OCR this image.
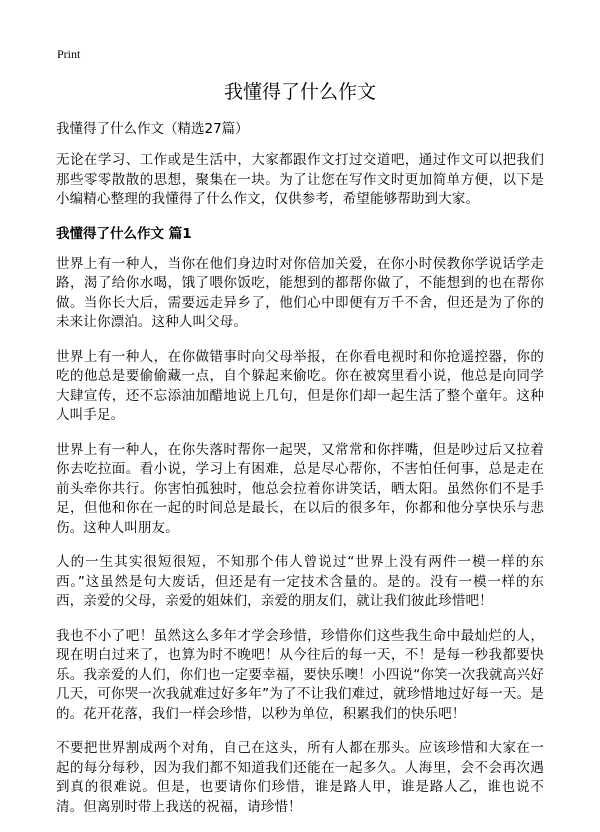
Print

我懂得了什么作文

我懂得了什么作文（精选27篇）

无论在学习、工作或是生活中，大家都跟作文打过交道吧，通过作文可以把我们那些零零散散的思想，聚集在一块。为了让您在写作文时更加简单方便，以下是小编精心整理的我懂得了什么作文，仅供参考，希望能够帮助到大家。

我懂得了什么作文 篇1

世界上有一种人，当你在他们身边时对你倍加关爱，在你小时侯教你学说话学走路，渴了给你水喝，饿了喂你饭吃，能想到的都帮你做了，不能想到的也在帮你做。当你长大后，需要远走异乡了，他们心中即便有万千不舍，但还是为了你的未来让你漂泊。这种人叫父母。

世界上有一种人，在你做错事时向父母举报，在你看电视时和你抢遥控器，你的吃的他总是要偷偷藏一点，自个躲起来偷吃。你在被窝里看小说，他总是向同学大肆宣传，还不忘添油加醋地说上几句，但是你们却一起生活了整个童年。这种人叫手足。

世界上有一种人，在你失落时帮你一起哭，又常常和你拌嘴，但是吵过后又拉着你去吃拉面。看小说，学习上有困难，总是尽心帮你，不害怕任何事，总是走在前头牵你共行。你害怕孤独时，他总会拉着你讲笑话，晒太阳。虽然你们不是手足，但他和你在一起的时间总是最长，在以后的很多年，你都和他分享快乐与悲伤。这种人叫朋友。

人的一生其实很短很短，不知那个伟人曾说过“世界上没有两件一模一样的东西。”这虽然是句大废话，但还是有一定技术含量的。是的。没有一模一样的东西，亲爱的父母，亲爱的姐妹们，亲爱的朋友们，就让我们彼此珍惜吧！

我也不小了吧！虽然这么多年才学会珍惜，珍惜你们这些我生命中最灿烂的人，现在明白过来了，也算为时不晚吧！从今往后的每一天，不！是每一秒我都要快乐。我亲爱的人们，你们也一定要幸福，要快乐噢！小四说“你笑一次我就高兴好几天，可你哭一次我就难过好多年”为了不让我们难过，就珍惜地过好每一天。是的。花开花落，我们一样会珍惜，以秒为单位，积累我们的快乐吧！

不要把世界割成两个对角，自己在这头，所有人都在那头。应该珍惜和大家在一起的每分每秒，因为我们都不知道我们还能在一起多久。人海里，会不会再次遇到真的很难说。但是，也要请你们珍惜，谁是路人甲，谁是路人乙，谁也说不清。但离别时带上我送的祝福，请珍惜！
